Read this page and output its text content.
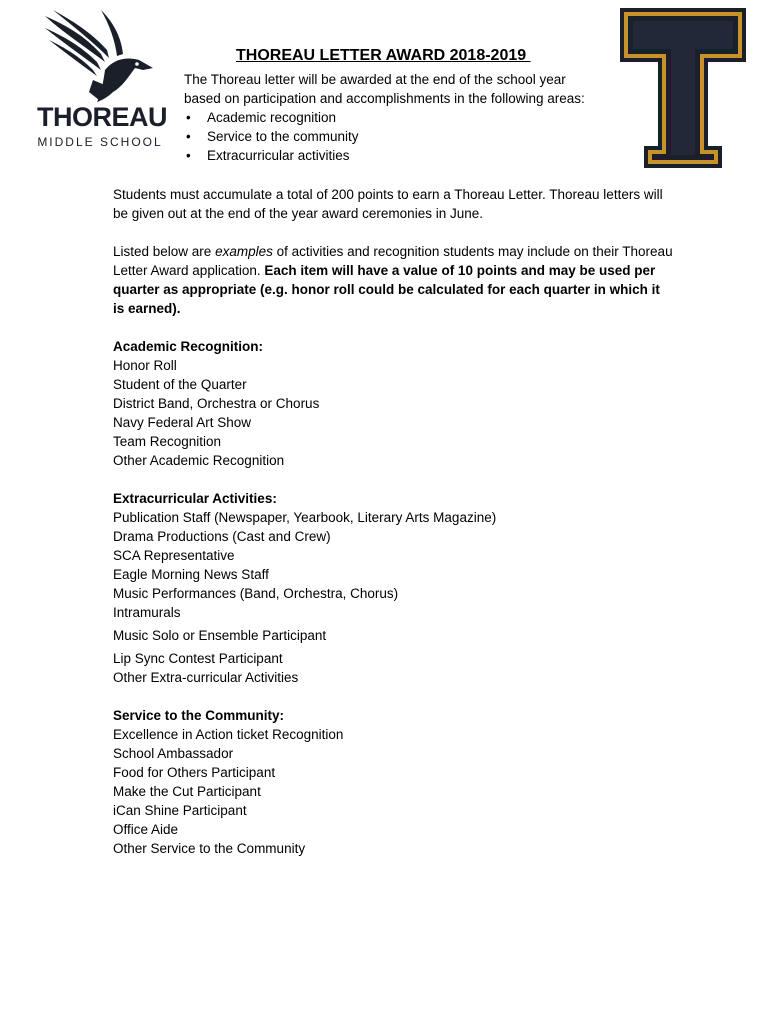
THOREAU
MIDDLE SCHOOL
THOREAU LETTER AWARD 2018-2019
The Thoreau letter will be awarded at the end of the school year based on participation and accomplishments in the following areas:
• Academic recognition
• Service to the community
• Extracurricular activities

Students must accumulate a total of 200 points to earn a Thoreau Letter. Thoreau letters will be given out at the end of the year award ceremonies in June.

Listed below are examples of activities and recognition students may include on their Thoreau Letter Award application. Each item will have a value of 10 points and may be used per quarter as appropriate (e.g. honor roll could be calculated for each quarter in which it is earned).

Academic Recognition:
Honor Roll
Student of the Quarter
District Band, Orchestra or Chorus
Navy Federal Art Show
Team Recognition
Other Academic Recognition
Extracurricular Activities:
Publication Staff (Newspaper, Yearbook, Literary Arts Magazine)
Drama Productions (Cast and Crew)
SCA Representative
Eagle Morning News Staff
Music Performances (Band, Orchestra, Chorus)
Intramurals
Music Solo or Ensemble Participant
Lip Sync Contest Participant
Other Extra-curricular Activities
Service to the Community:
Excellence in Action ticket Recognition
School Ambassador
Food for Others Participant
Make the Cut Participant
iCan Shine Participant
Office Aide
Other Service to the Community
